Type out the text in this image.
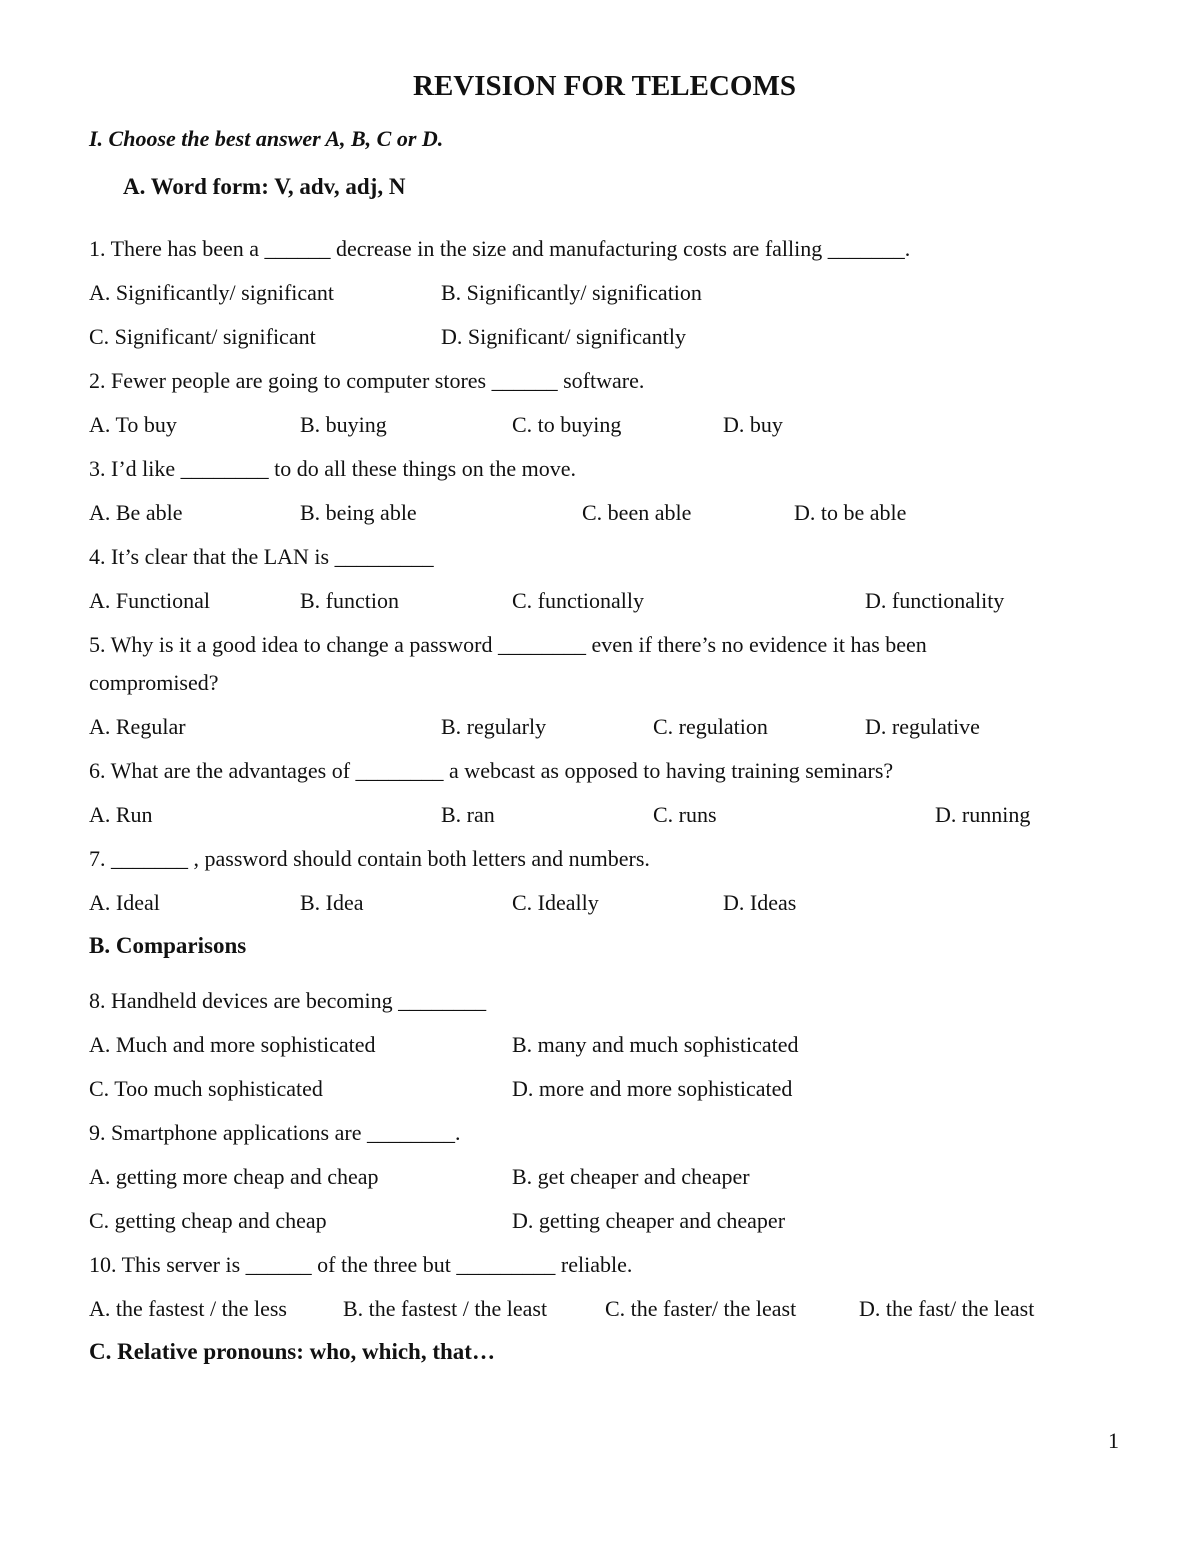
REVISION FOR TELECOMS
I. Choose the best answer A, B, C or D.
A. Word form: V, adv, adj, N
1. There has been a ______ decrease in the size and manufacturing costs are falling _______.
A. Significantly/ significant	B. Significantly/ signification
C. Significant/ significant	D. Significant/ significantly
2. Fewer people are going to computer stores ______ software.
A. To buy	B. buying	C. to buying	D. buy
3. I’d like ________ to do all these things on the move.
A. Be able	B. being able	C. been able	D. to be able
4. It’s clear that the LAN is _________
A. Functional	B. function	C. functionally	D. functionality
5. Why is it a good idea to change a password ________ even if there’s no evidence it has been
compromised?
A. Regular	B. regularly	C. regulation	D. regulative
6. What are the advantages of ________ a webcast as opposed to having training seminars?
A. Run	B. ran	C. runs	D. running
7. _______ , password should contain both letters and numbers.
A. Ideal	B. Idea	C. Ideally	D. Ideas
B. Comparisons
8. Handheld devices are becoming ________
A. Much and more sophisticated	B. many and much sophisticated
C. Too much sophisticated	D. more and more sophisticated
9. Smartphone applications are ________.
A. getting more cheap and cheap	B. get cheaper and cheaper
C. getting cheap and cheap	D. getting cheaper and cheaper
10. This server is ______ of the three but _________ reliable.
A. the fastest / the less	B. the fastest / the least	C. the faster/ the least	D. the fast/ the least
C. Relative pronouns: who, which, that…
1
